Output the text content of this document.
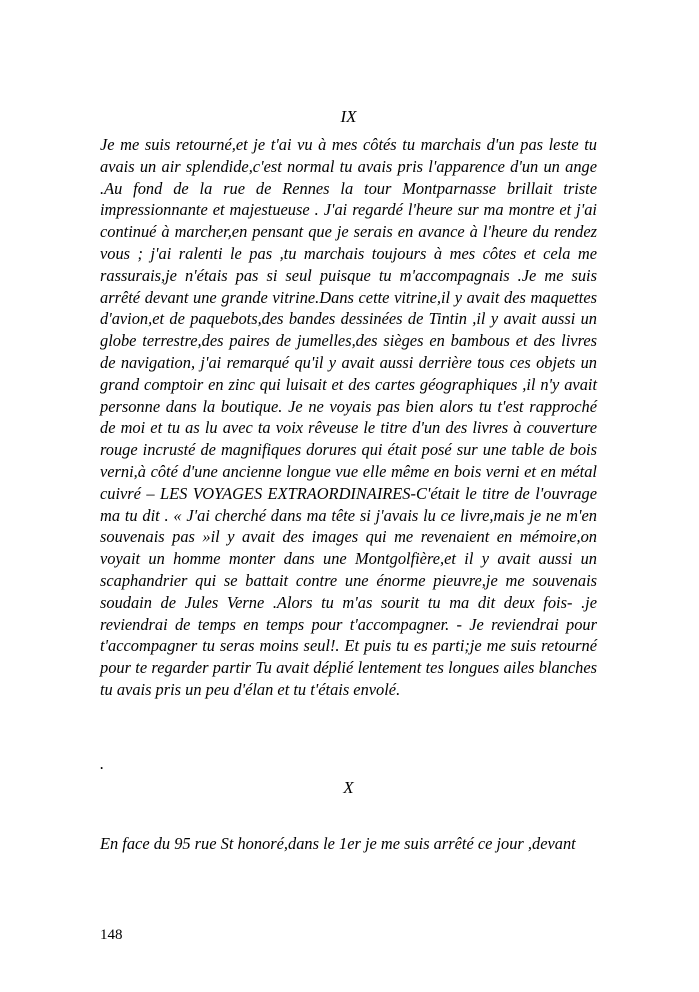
IX

Je me suis retourné,et je t'ai vu à mes côtés tu marchais d'un pas leste tu avais un air splendide,c'est normal tu avais pris l'apparence d'un un ange .Au fond de la rue de Rennes la tour Montparnasse brillait triste impressionnante et majestueuse . J'ai regardé l'heure sur ma montre et j'ai continué à marcher,en pensant que je serais en avance à l'heure du rendez vous ; j'ai ralenti le pas ,tu marchais toujours à mes côtes et cela me rassurais,je n'étais pas si seul puisque tu m'accompagnais .Je me suis arrêté devant une grande vitrine.Dans cette vitrine,il y avait des maquettes d'avion,et de paquebots,des bandes dessinées de Tintin ,il y avait aussi un globe terrestre,des paires de jumelles,des sièges en bambous et des livres de navigation, j'ai remarqué qu'il y avait aussi derrière tous ces objets un grand comptoir en zinc qui luisait et des cartes géographiques ,il n'y avait personne dans la boutique. Je ne voyais pas bien alors tu t'est rapproché de moi et tu as lu avec ta voix rêveuse le titre d'un des livres à couverture rouge incrusté de magnifiques dorures qui était posé sur une table de bois verni,à côté d'une ancienne longue vue elle même en bois verni et en métal cuivré – LES VOYAGES EXTRAORDINAIRES-C'était le titre de l'ouvrage ma tu dit . « J'ai cherché dans ma tête si j'avais lu ce livre,mais je ne m'en souvenais pas »il y avait des images qui me revenaient en mémoire,on voyait un homme monter dans une Montgolfière,et il y avait aussi un scaphandrier qui se battait contre une énorme pieuvre,je me souvenais soudain de Jules Verne .Alors tu m'as sourit tu ma dit deux fois- .je reviendrai de temps en temps pour t'accompagner. - Je reviendrai pour t'accompagner tu seras moins seul!. Et puis tu es parti;je me suis retourné pour te regarder partir Tu avait déplié lentement tes longues ailes blanches tu avais pris un peu d'élan et tu t'étais envolé.

.

X

En face du 95 rue St honoré,dans le 1er je me suis arrêté ce jour ,devant

148
